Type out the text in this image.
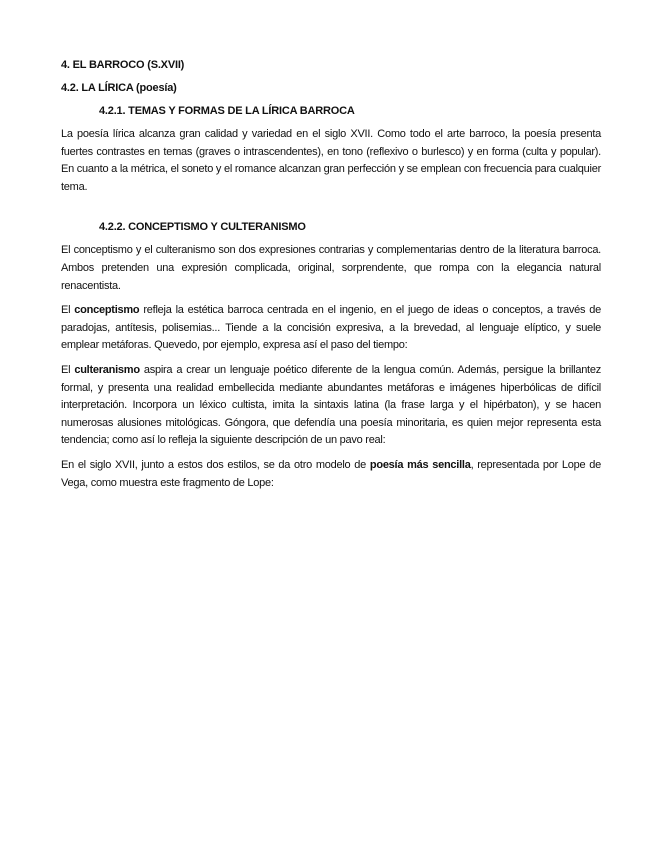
4. EL BARROCO (S.XVII)

4.2. LA LÍRICA (poesía)

4.2.1. TEMAS Y FORMAS DE LA LÍRICA BARROCA

La poesía lírica alcanza gran calidad y variedad en el siglo XVII. Como todo el arte barroco, la poesía presenta fuertes contrastes en temas (graves o intrascendentes), en tono (reflexivo o burlesco) y en forma (culta y popular). En cuanto a la métrica, el soneto y el romance alcanzan gran perfección y se emplean con frecuencia para cualquier tema.

4.2.2. CONCEPTISMO Y CULTERANISMO

El conceptismo y el culteranismo son dos expresiones contrarias y complementarias dentro de la literatura barroca. Ambos pretenden una expresión complicada, original, sorprendente, que rompa con la elegancia natural renacentista.

El conceptismo refleja la estética barroca centrada en el ingenio, en el juego de ideas o conceptos, a través de paradojas, antítesis, polisemias... Tiende a la concisión expresiva, a la brevedad, al lenguaje elíptico, y suele emplear metáforas. Quevedo, por ejemplo, expresa así el paso del tiempo:

El culteranismo aspira a crear un lenguaje poético diferente de la lengua común. Además, persigue la brillantez formal, y presenta una realidad embellecida mediante abundantes metáforas e imágenes hiperbólicas de difícil interpretación. Incorpora un léxico cultista, imita la sintaxis latina (la frase larga y el hipérbaton), y se hacen numerosas alusiones mitológicas. Góngora, que defendía una poesía minoritaria, es quien mejor representa esta tendencia; como así lo refleja la siguiente descripción de un pavo real:

En el siglo XVII, junto a estos dos estilos, se da otro modelo de poesía más sencilla, representada por Lope de Vega, como muestra este fragmento de Lope:
